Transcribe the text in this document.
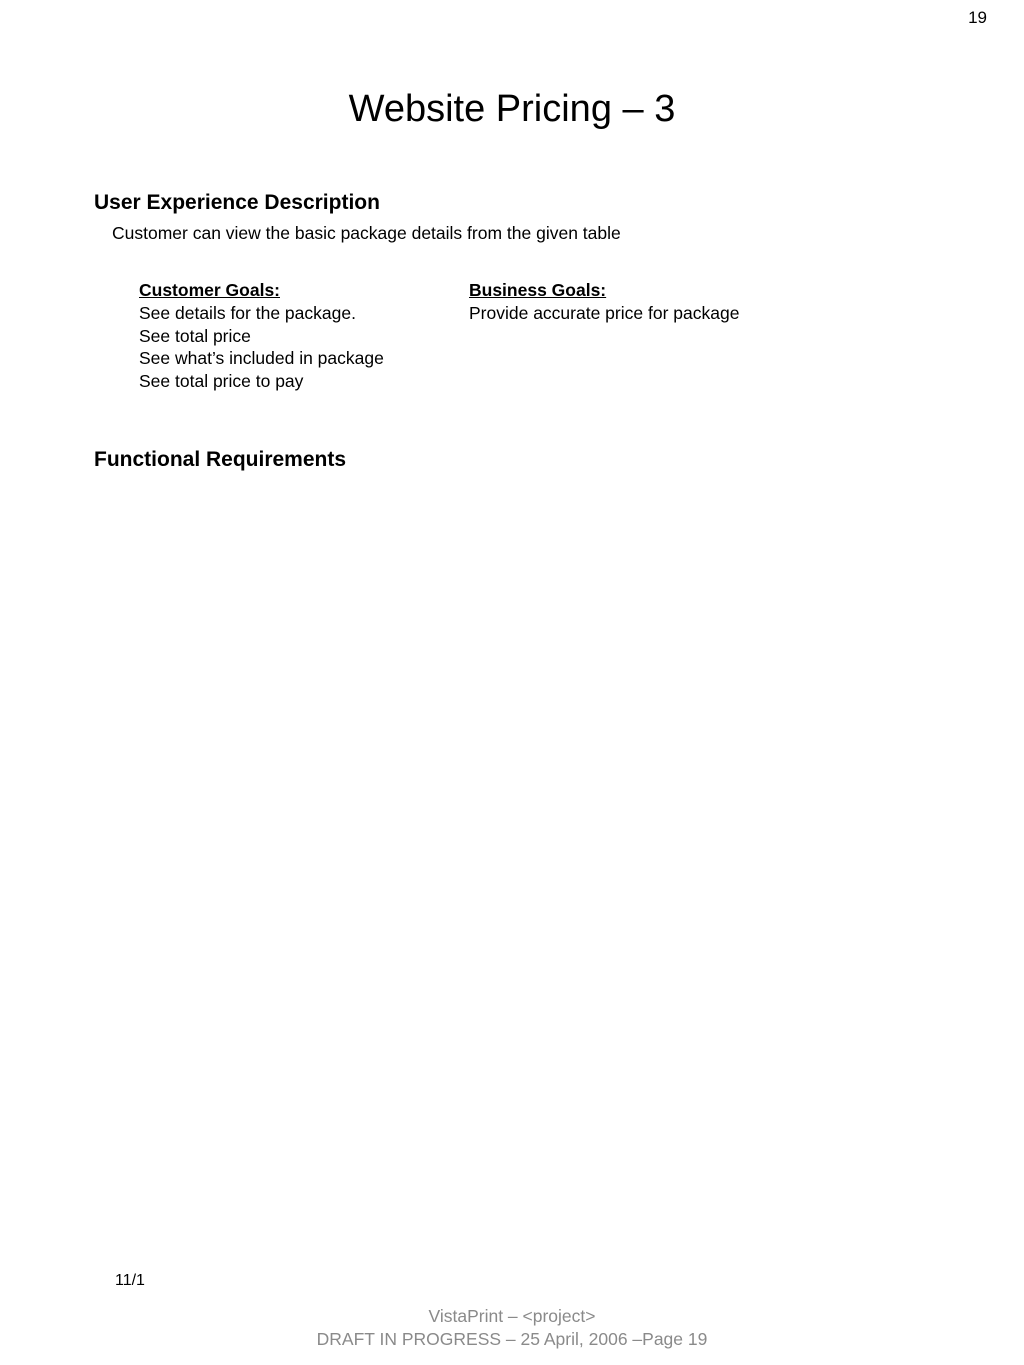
19
Website Pricing – 3
User Experience Description
Customer can view the basic package details from the given table
Customer Goals:
See details for the package.
See total price
See what’s included in package
See total price to pay
Business Goals:
Provide accurate price for package
Functional Requirements
11/1
VistaPrint – <project>
DRAFT IN PROGRESS – 25 April, 2006 –Page 19
